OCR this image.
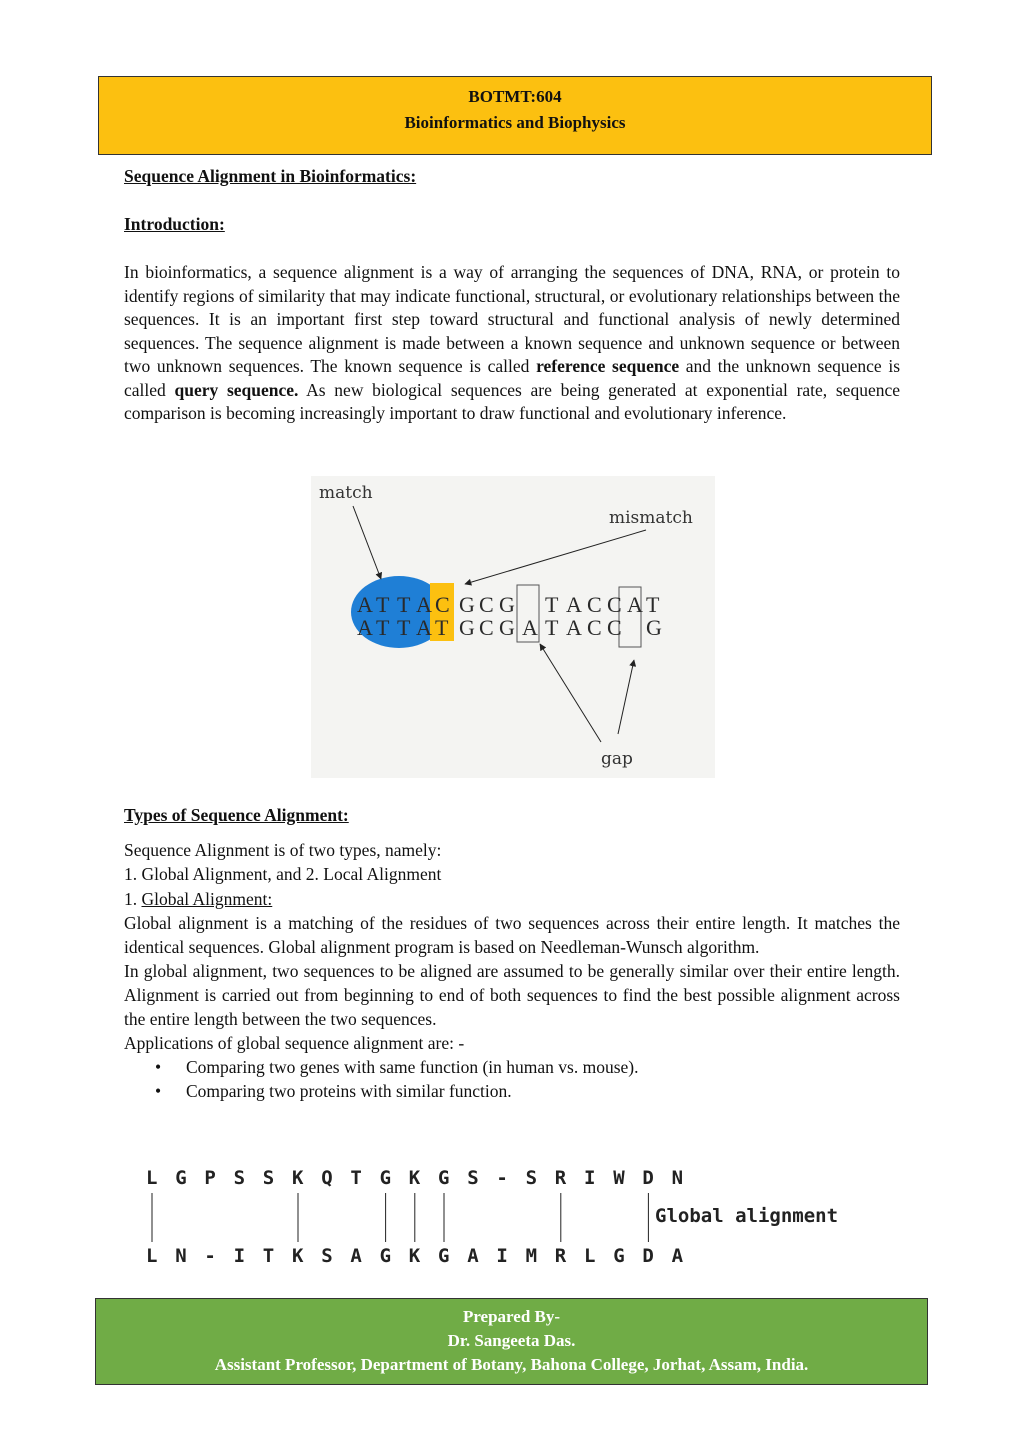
BOTMT:604
Bioinformatics and Biophysics
Sequence Alignment in Bioinformatics:
Introduction:
In bioinformatics, a sequence alignment is a way of arranging the sequences of DNA, RNA, or protein to identify regions of similarity that may indicate functional, structural, or evolutionary relationships between the sequences. It is an important first step toward structural and functional analysis of newly determined sequences. The sequence alignment is made between a known sequence and unknown sequence or between two unknown sequences. The known sequence is called reference sequence and the unknown sequence is called query sequence. As new biological sequences are being generated at exponential rate, sequence comparison is becoming increasingly important to draw functional and evolutionary inference.
A T T A C G C G T A C C A T
A T T A T G C G A T A C C G
match
mismatch
gap
Types of Sequence Alignment:
Sequence Alignment is of two types, namely:
1. Global Alignment, and 2. Local Alignment
1. Global Alignment:
Global alignment is a matching of the residues of two sequences across their entire length. It matches the identical sequences. Global alignment program is based on Needleman-Wunsch algorithm.
In global alignment, two sequences to be aligned are assumed to be generally similar over their entire length. Alignment is carried out from beginning to end of both sequences to find the best possible alignment across the entire length between the two sequences.
Applications of global sequence alignment are: -
• Comparing two genes with same function (in human vs. mouse).
• Comparing two proteins with similar function.
L G P S S K Q T G K G S - S R I W D N
L N - I T K S A G K G A I M R L G D A
Global alignment
Prepared By-
Dr. Sangeeta Das.
Assistant Professor, Department of Botany, Bahona College, Jorhat, Assam, India.
